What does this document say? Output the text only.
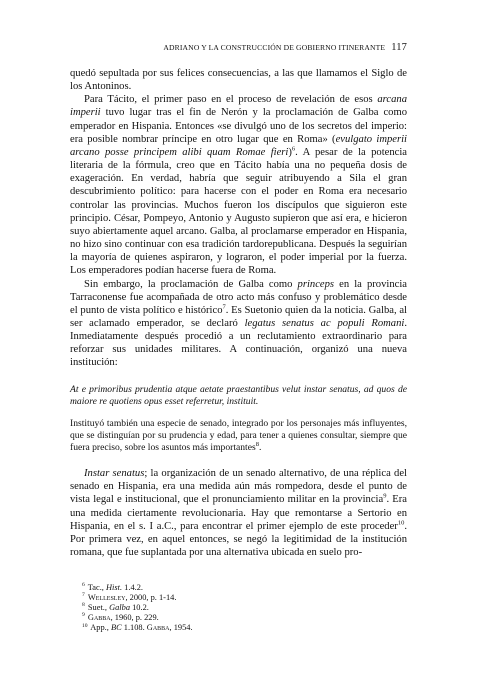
ADRIANO Y LA CONSTRUCCIÓN DE GOBIERNO ITINERANTE 117

quedó sepultada por sus felices consecuencias, a las que llamamos el Siglo de los Antoninos.

Para Tácito, el primer paso en el proceso de revelación de esos arcana imperii tuvo lugar tras el fin de Nerón y la proclamación de Galba como emperador en Hispania. Entonces «se divulgó uno de los secretos del imperio: era posible nombrar príncipe en otro lugar que en Roma» (evulgato imperii arcano posse principem alibi quam Romae fieri)$^6$. A pesar de la potencia literaria de la fórmula, creo que en Tácito había una no pequeña dosis de exageración. En verdad, habría que seguir atribuyendo a Sila el gran descubrimiento político: para hacerse con el poder en Roma era necesario controlar las provincias. Muchos fueron los discípulos que siguieron este principio. César, Pompeyo, Antonio y Augusto supieron que así era, e hicieron suyo abiertamente aquel arcano. Galba, al proclamarse emperador en Hispania, no hizo sino continuar con esa tradición tardorepublicana. Después la seguirían la mayoría de quienes aspiraron, y lograron, el poder imperial por la fuerza. Los emperadores podían hacerse fuera de Roma.

Sin embargo, la proclamación de Galba como princeps en la provincia Tarraconense fue acompañada de otro acto más confuso y problemático desde el punto de vista político e histórico$^7$. Es Suetonio quien da la noticia. Galba, al ser aclamado emperador, se declaró legatus senatus ac populi Romani. Inmediatamente después procedió a un reclutamiento extraordinario para reforzar sus unidades militares. A continuación, organizó una nueva institución:

At e primoribus prudentia atque aetate praestantibus velut instar senatus, ad quos de maiore re quotiens opus esset referretur, instituit.

Instituyó también una especie de senado, integrado por los personajes más influyentes, que se distinguían por su prudencia y edad, para tener a quienes consultar, siempre que fuera preciso, sobre los asuntos más importantes$^8$.

Instar senatus; la organización de un senado alternativo, de una réplica del senado en Hispania, era una medida aún más rompedora, desde el punto de vista legal e institucional, que el pronunciamiento militar en la provincia$^9$. Era una medida ciertamente revolucionaria. Hay que remontarse a Sertorio en Hispania, en el s. I a.C., para encontrar el primer ejemplo de este proceder$^{10}$. Por primera vez, en aquel entonces, se negó la legitimidad de la institución romana, que fue suplantada por una alternativa ubicada en suelo pro-

$^6$ Tac., Hist. 1.4.2.
$^7$ Wellesley, 2000, p. 1-14.
$^8$ Suet., Galba 10.2.
$^9$ Gabba, 1960, p. 229.
$^{10}$ App., BC 1.108. Gabba, 1954.
